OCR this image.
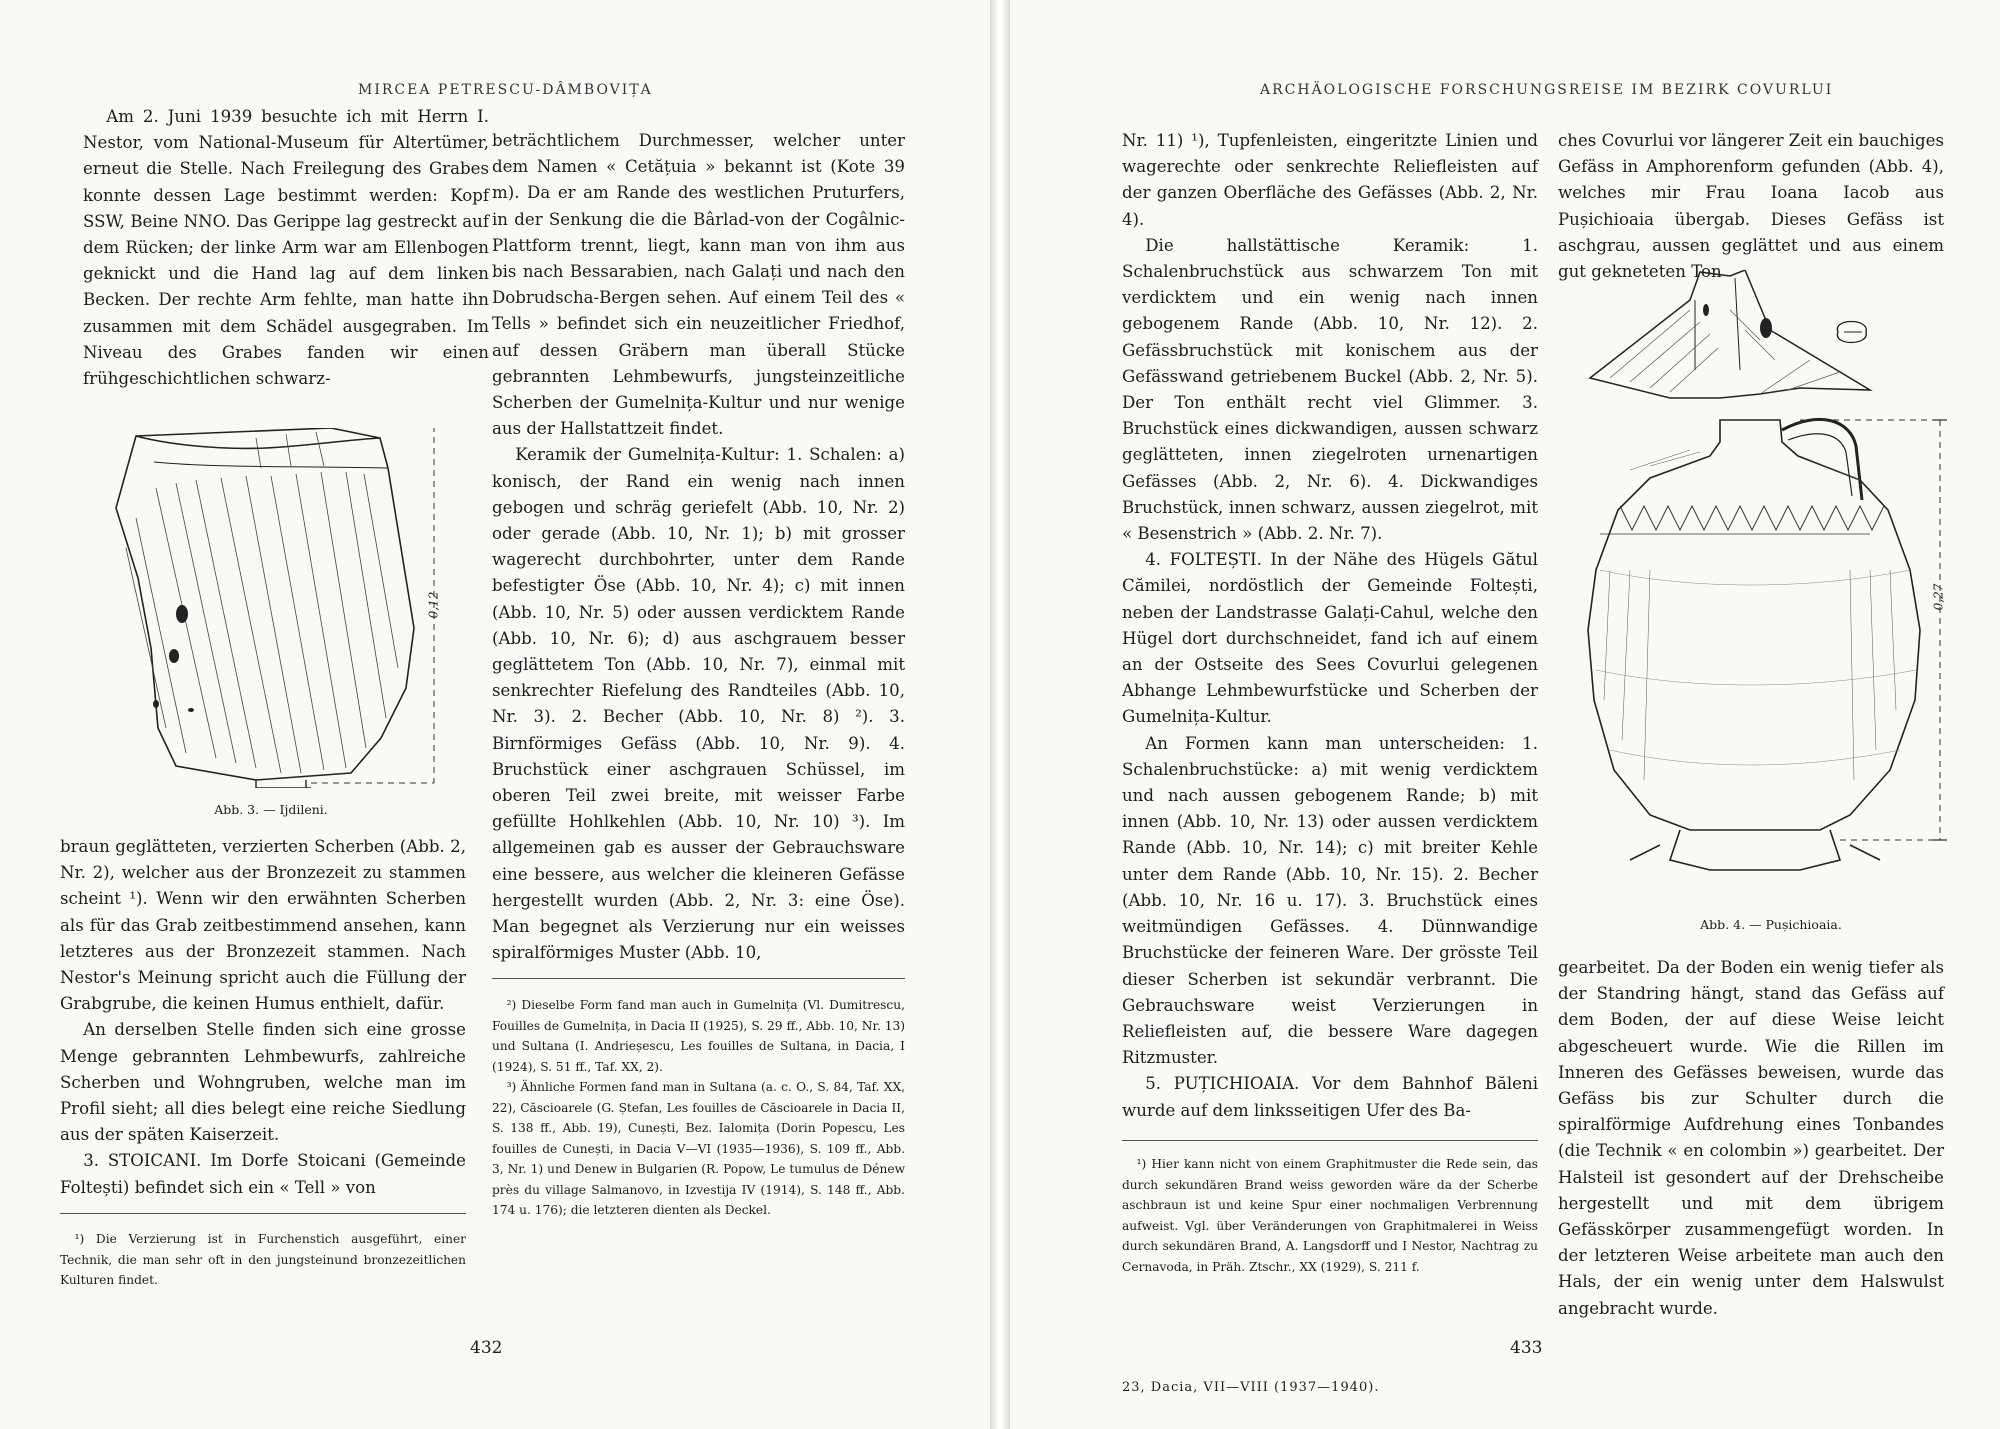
MIRCEA PETRESCU-DÂMBOVIȚA

Am 2. Juni 1939 besuchte ich mit Herrn I. Nestor, vom National-Museum für Altertümer, erneut die Stelle. Nach Freilegung des Grabes konnte dessen Lage bestimmt werden: Kopf SSW, Beine NNO. Das Gerippe lag gestreckt auf dem Rücken; der linke Arm war am Ellenbogen geknickt und die Hand lag auf dem linken Becken. Der rechte Arm fehlte, man hatte ihn zusammen mit dem Schädel ausgegraben. Im Niveau des Grabes fanden wir einen frühgeschichtlichen schwarz-

0,12
Abb. 3. — Ijdileni.

braun geglätteten, verzierten Scherben (Abb. 2, Nr. 2), welcher aus der Bronzezeit zu stammen scheint ¹). Wenn wir den erwähnten Scherben als für das Grab zeitbestimmend ansehen, kann letzteres aus der Bronzezeit stammen. Nach Nestor's Meinung spricht auch die Füllung der Grabgrube, die keinen Humus enthielt, dafür.

An derselben Stelle finden sich eine grosse Menge gebrannten Lehmbewurfs, zahlreiche Scherben und Wohngruben, welche man im Profil sieht; all dies belegt eine reiche Siedlung aus der späten Kaiserzeit.

3. STOICANI. Im Dorfe Stoicani (Gemeinde Foltești) befindet sich ein « Tell » von

¹) Die Verzierung ist in Furchenstich ausgeführt, einer Technik, die man sehr oft in den jungsteinund bronzezeitlichen Kulturen findet.

beträchtlichem Durchmesser, welcher unter dem Namen « Cetățuia » bekannt ist (Kote 39 m). Da er am Rande des westlichen Pruturfers, in der Senkung die die Bârlad-von der Cogâlnic-Plattform trennt, liegt, kann man von ihm aus bis nach Bessarabien, nach Galați und nach den Dobrudscha-Bergen sehen. Auf einem Teil des « Tells » befindet sich ein neuzeitlicher Friedhof, auf dessen Gräbern man überall Stücke gebrannten Lehmbewurfs, jungsteinzeitliche Scherben der Gumelnița-Kultur und nur wenige aus der Hallstattzeit findet.

Keramik der Gumelnița-Kultur: 1. Schalen: a) konisch, der Rand ein wenig nach innen gebogen und schräg geriefelt (Abb. 10, Nr. 2) oder gerade (Abb. 10, Nr. 1); b) mit grosser wagerecht durchbohrter, unter dem Rande befestigter Öse (Abb. 10, Nr. 4); c) mit innen (Abb. 10, Nr. 5) oder aussen verdicktem Rande (Abb. 10, Nr. 6); d) aus aschgrauem besser geglättetem Ton (Abb. 10, Nr. 7), einmal mit senkrechter Riefelung des Randteiles (Abb. 10, Nr. 3). 2. Becher (Abb. 10, Nr. 8) ²). 3. Birnförmiges Gefäss (Abb. 10, Nr. 9). 4. Bruchstück einer aschgrauen Schüssel, im oberen Teil zwei breite, mit weisser Farbe gefüllte Hohlkehlen (Abb. 10, Nr. 10) ³). Im allgemeinen gab es ausser der Gebrauchsware eine bessere, aus welcher die kleineren Gefässe hergestellt wurden (Abb. 2, Nr. 3: eine Öse). Man begegnet als Verzierung nur ein weisses spiralförmiges Muster (Abb. 10,

²) Dieselbe Form fand man auch in Gumelnița (Vl. Dumitrescu, Fouilles de Gumelnița, in Dacia II (1925), S. 29 ff., Abb. 10, Nr. 13) und Sultana (I. Andrieșescu, Les fouilles de Sultana, in Dacia, I (1924), S. 51 ff., Taf. XX, 2).

³) Ähnliche Formen fand man in Sultana (a. c. O., S. 84, Taf. XX, 22), Căscioarele (G. Ștefan, Les fouilles de Căscioarele in Dacia II, S. 138 ff., Abb. 19), Cunești, Bez. Ialomița (Dorin Popescu, Les fouilles de Cunești, in Dacia V—VI (1935—1936), S. 109 ff., Abb. 3, Nr. 1) und Denew in Bulgarien (R. Popow, Le tumulus de Dénew près du village Salmanovo, in Izvestija IV (1914), S. 148 ff., Abb. 174 u. 176); die letzteren dienten als Deckel.

432
ARCHÄOLOGISCHE FORSCHUNGSREISE IM BEZIRK COVURLUI

Nr. 11) ¹), Tupfenleisten, eingeritzte Linien und wagerechte oder senkrechte Reliefleisten auf der ganzen Oberfläche des Gefässes (Abb. 2, Nr. 4).

Die hallstättische Keramik: 1. Schalenbruchstück aus schwarzem Ton mit verdicktem und ein wenig nach innen gebogenem Rande (Abb. 10, Nr. 12). 2. Gefässbruchstück mit konischem aus der Gefässwand getriebenem Buckel (Abb. 2, Nr. 5). Der Ton enthält recht viel Glimmer. 3. Bruchstück eines dickwandigen, aussen schwarz geglätteten, innen ziegelroten urnenartigen Gefässes (Abb. 2, Nr. 6). 4. Dickwandiges Bruchstück, innen schwarz, aussen ziegelrot, mit « Besenstrich » (Abb. 2. Nr. 7).

4. FOLTEȘTI. In der Nähe des Hügels Gătul Cămilei, nordöstlich der Gemeinde Foltești, neben der Landstrasse Galați-Cahul, welche den Hügel dort durchschneidet, fand ich auf einem an der Ostseite des Sees Covurlui gelegenen Abhange Lehmbewurfstücke und Scherben der Gumelnița-Kultur.

An Formen kann man unterscheiden: 1. Schalenbruchstücke: a) mit wenig verdicktem und nach aussen gebogenem Rande; b) mit innen (Abb. 10, Nr. 13) oder aussen verdicktem Rande (Abb. 10, Nr. 14); c) mit breiter Kehle unter dem Rande (Abb. 10, Nr. 15). 2. Becher (Abb. 10, Nr. 16 u. 17). 3. Bruchstück eines weitmündigen Gefässes. 4. Dünnwandige Bruchstücke der feineren Ware. Der grösste Teil dieser Scherben ist sekundär verbrannt. Die Gebrauchsware weist Verzierungen in Reliefleisten auf, die bessere Ware dagegen Ritzmuster.

5. PUȚICHIOAIA. Vor dem Bahnhof Băleni wurde auf dem linksseitigen Ufer des Ba-

¹) Hier kann nicht von einem Graphitmuster die Rede sein, das durch sekundären Brand weiss geworden wäre da der Scherbe aschbraun ist und keine Spur einer nochmaligen Verbrennung aufweist. Vgl. über Veränderungen von Graphitmalerei in Weiss durch sekundären Brand, A. Langsdorff und I Nestor, Nachtrag zu Cernavoda, in Präh. Ztschr., XX (1929), S. 211 f.

ches Covurlui vor längerer Zeit ein bauchiges Gefäss in Amphorenform gefunden (Abb. 4), welches mir Frau Ioana Iacob aus Pușichioaia übergab. Dieses Gefäss ist aschgrau, aussen geglättet und aus einem gut gekneteten Ton

0,27
Abb. 4. — Pușichioaia.

gearbeitet. Da der Boden ein wenig tiefer als der Standring hängt, stand das Gefäss auf dem Boden, der auf diese Weise leicht abgescheuert wurde. Wie die Rillen im Inneren des Gefässes beweisen, wurde das Gefäss bis zur Schulter durch die spiralförmige Aufdrehung eines Tonbandes (die Technik « en colombin ») gearbeitet. Der Halsteil ist gesondert auf der Drehscheibe hergestellt und mit dem übrigem Gefässkörper zusammengefügt worden. In der letzteren Weise arbeitete man auch den Hals, der ein wenig unter dem Halswulst angebracht wurde.

433
23, Dacia, VII—VIII (1937—1940).
